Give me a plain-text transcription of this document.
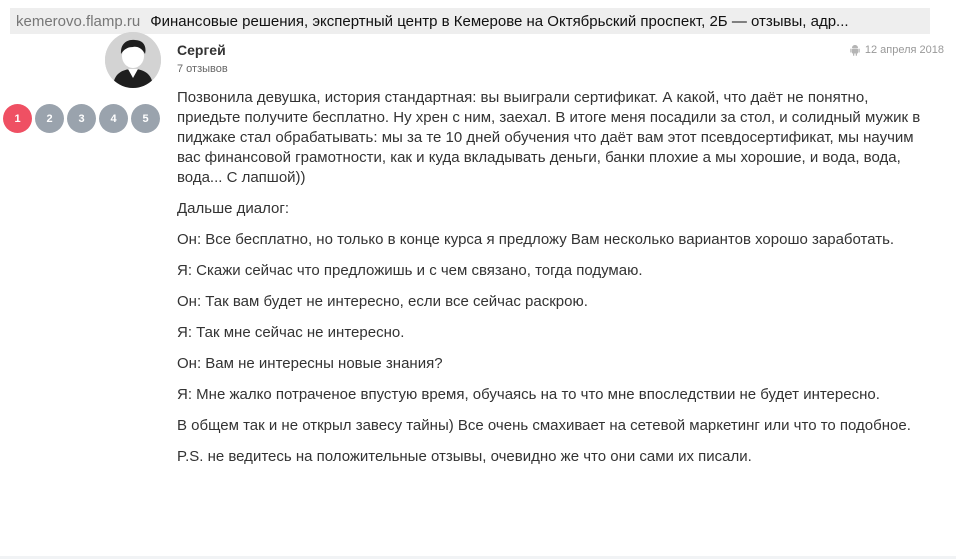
kemerovo.flamp.ru Финансовые решения, экспертный центр в Кемерове на Октябрьский проспект, 2Б — отзывы, адр...
Сергей
7 отзывов
12 апреля 2018
1	2	3	4	5

Позвонила девушка, история стандартная: вы выиграли сертификат. А какой, что даёт не понятно, приедьте получите бесплатно. Ну хрен с ним, заехал. В итоге меня посадили за стол, и солидный мужик в пиджаке стал обрабатывать: мы за те 10 дней обучения что даёт вам этот псевдосертификат, мы научим вас финансовой грамотности, как и куда вкладывать деньги, банки плохие а мы хорошие, и вода, вода, вода... С лапшой))

Дальше диалог:

Он: Все бесплатно, но только в конце курса я предложу Вам несколько вариантов хорошо заработать.

Я: Скажи сейчас что предложишь и с чем связано, тогда подумаю.

Он: Так вам будет не интересно, если все сейчас раскрою.

Я: Так мне сейчас не интересно.

Он: Вам не интересны новые знания?

Я: Мне жалко потраченое впустую время, обучаясь на то что мне впоследствии не будет интересно.

В общем так и не открыл завесу тайны) Все очень смахивает на сетевой маркетинг или что то подобное.

P.S. не ведитесь на положительные отзывы, очевидно же что они сами их писали.
